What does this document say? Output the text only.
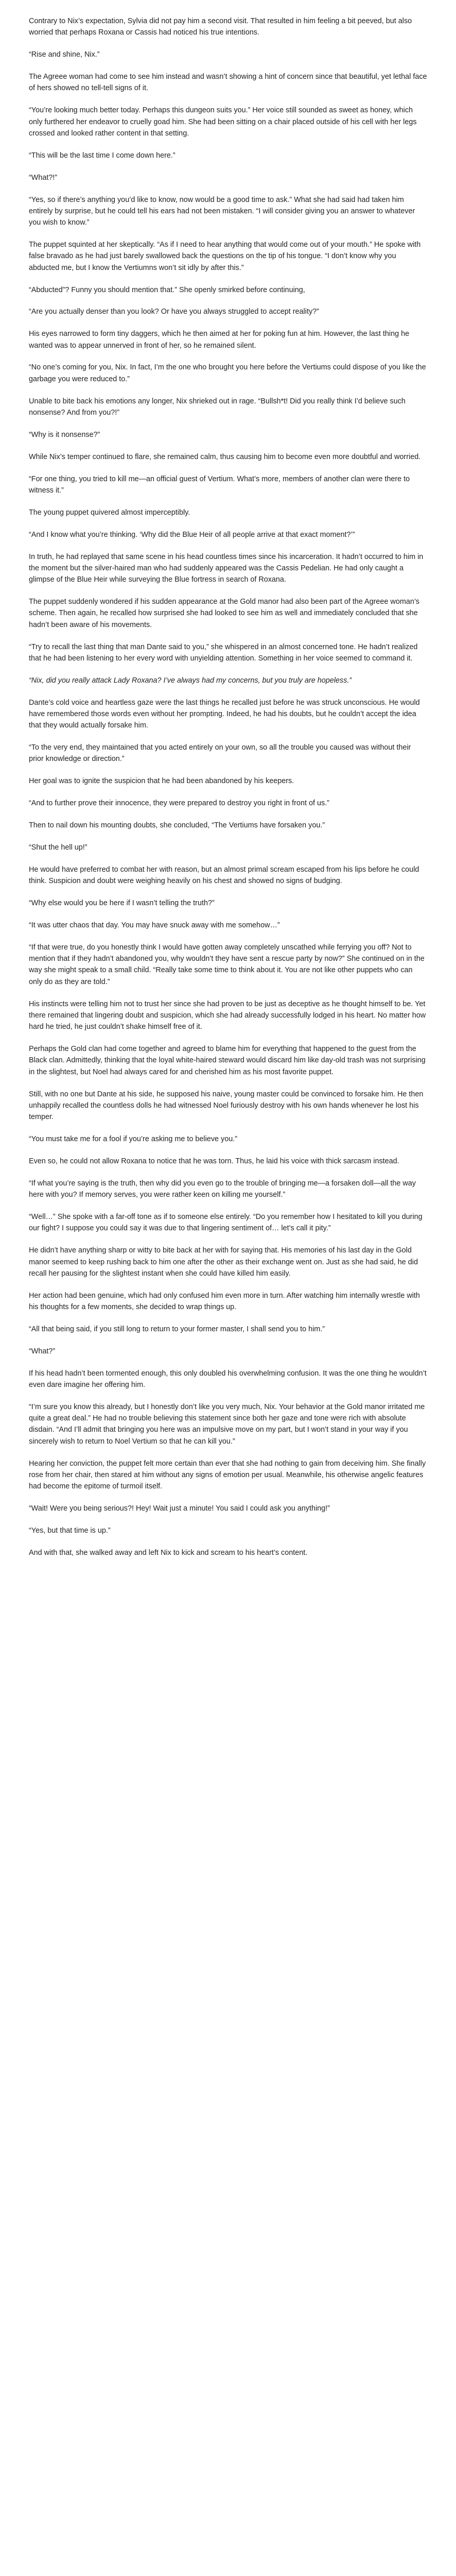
Contrary to Nix’s expectation, Sylvia did not pay him a second visit. That resulted in him feeling a bit peeved, but also worried that perhaps Roxana or Cassis had noticed his true intentions.

“Rise and shine, Nix.”

The Agreee woman had come to see him instead and wasn’t showing a hint of concern since that beautiful, yet lethal face of hers showed no tell-tell signs of it.

“You’re looking much better today. Perhaps this dungeon suits you.” Her voice still sounded as sweet as honey, which only furthered her endeavor to cruelly goad him. She had been sitting on a chair placed outside of his cell with her legs crossed and looked rather content in that setting.

“This will be the last time I come down here.”

“What?!”

“Yes, so if there’s anything you’d like to know, now would be a good time to ask.” What she had said had taken him entirely by surprise, but he could tell his ears had not been mistaken. “I will consider giving you an answer to whatever you wish to know.”

The puppet squinted at her skeptically. “As if I need to hear anything that would come out of your mouth.” He spoke with false bravado as he had just barely swallowed back the questions on the tip of his tongue. “I don’t know why you abducted me, but I know the Vertiumns won’t sit idly by after this.”

“Abducted”? Funny you should mention that.” She openly smirked before continuing,

“Are you actually denser than you look? Or have you always struggled to accept reality?”

His eyes narrowed to form tiny daggers, which he then aimed at her for poking fun at him. However, the last thing he wanted was to appear unnerved in front of her, so he remained silent.

“No one’s coming for you, Nix. In fact, I’m the one who brought you here before the Vertiums could dispose of you like the garbage you were reduced to.”

Unable to bite back his emotions any longer, Nix shrieked out in rage. “Bullsh*t! Did you really think I’d believe such nonsense? And from you?!”

“Why is it nonsense?”

While Nix’s temper continued to flare, she remained calm, thus causing him to become even more doubtful and worried.

“For one thing, you tried to kill me—an official guest of Vertium. What’s more, members of another clan were there to witness it.”

The young puppet quivered almost imperceptibly.

“And I know what you’re thinking. ‘Why did the Blue Heir of all people arrive at that exact moment?’”

In truth, he had replayed that same scene in his head countless times since his incarceration. It hadn’t occurred to him in the moment but the silver-haired man who had suddenly appeared was the Cassis Pedelian. He had only caught a glimpse of the Blue Heir while surveying the Blue fortress in search of Roxana.

The puppet suddenly wondered if his sudden appearance at the Gold manor had also been part of the Agreee woman’s scheme. Then again, he recalled how surprised she had looked to see him as well and immediately concluded that she hadn’t been aware of his movements.

“Try to recall the last thing that man Dante said to you,” she whispered in an almost concerned tone. He hadn’t realized that he had been listening to her every word with unyielding attention. Something in her voice seemed to command it.

“Nix, did you really attack Lady Roxana? I’ve always had my concerns, but you truly are hopeless.”

Dante’s cold voice and heartless gaze were the last things he recalled just before he was struck unconscious. He would have remembered those words even without her prompting. Indeed, he had his doubts, but he couldn’t accept the idea that they would actually forsake him.

“To the very end, they maintained that you acted entirely on your own, so all the trouble you caused was without their prior knowledge or direction.”

Her goal was to ignite the suspicion that he had been abandoned by his keepers.

“And to further prove their innocence, they were prepared to destroy you right in front of us.”

Then to nail down his mounting doubts, she concluded, “The Vertiums have forsaken you.”

“Shut the hell up!”

He would have preferred to combat her with reason, but an almost primal scream escaped from his lips before he could think. Suspicion and doubt were weighing heavily on his chest and showed no signs of budging.

“Why else would you be here if I wasn’t telling the truth?”

“It was utter chaos that day. You may have snuck away with me somehow…”

“If that were true, do you honestly think I would have gotten away completely unscathed while ferrying you off? Not to mention that if they hadn’t abandoned you, why wouldn’t they have sent a rescue party by now?” She continued on in the way she might speak to a small child. “Really take some time to think about it. You are not like other puppets who can only do as they are told.”

His instincts were telling him not to trust her since she had proven to be just as deceptive as he thought himself to be. Yet there remained that lingering doubt and suspicion, which she had already successfully lodged in his heart. No matter how hard he tried, he just couldn’t shake himself free of it.

Perhaps the Gold clan had come together and agreed to blame him for everything that happened to the guest from the Black clan. Admittedly, thinking that the loyal white-haired steward would discard him like day-old trash was not surprising in the slightest, but Noel had always cared for and cherished him as his most favorite puppet.

Still, with no one but Dante at his side, he supposed his naive, young master could be convinced to forsake him. He then unhappily recalled the countless dolls he had witnessed Noel furiously destroy with his own hands whenever he lost his temper.

“You must take me for a fool if you’re asking me to believe you.”

Even so, he could not allow Roxana to notice that he was torn. Thus, he laid his voice with thick sarcasm instead.

“If what you’re saying is the truth, then why did you even go to the trouble of bringing me—a forsaken doll—all the way here with you? If memory serves, you were rather keen on killing me yourself.”

“Well…” She spoke with a far-off tone as if to someone else entirely. “Do you remember how I hesitated to kill you during our fight? I suppose you could say it was due to that lingering sentiment of… let’s call it pity.”

He didn’t have anything sharp or witty to bite back at her with for saying that. His memories of his last day in the Gold manor seemed to keep rushing back to him one after the other as their exchange went on. Just as she had said, he did recall her pausing for the slightest instant when she could have killed him easily.

Her action had been genuine, which had only confused him even more in turn. After watching him internally wrestle with his thoughts for a few moments, she decided to wrap things up.

“All that being said, if you still long to return to your former master, I shall send you to him.”

“What?”

If his head hadn’t been tormented enough, this only doubled his overwhelming confusion. It was the one thing he wouldn’t even dare imagine her offering him.

“I’m sure you know this already, but I honestly don’t like you very much, Nix. Your behavior at the Gold manor irritated me quite a great deal.” He had no trouble believing this statement since both her gaze and tone were rich with absolute disdain. “And I’ll admit that bringing you here was an impulsive move on my part, but I won’t stand in your way if you sincerely wish to return to Noel Vertium so that he can kill you.”

Hearing her conviction, the puppet felt more certain than ever that she had nothing to gain from deceiving him. She finally rose from her chair, then stared at him without any signs of emotion per usual. Meanwhile, his otherwise angelic features had become the epitome of turmoil itself.

“Wait! Were you being serious?! Hey! Wait just a minute! You said I could ask you anything!”

“Yes, but that time is up.”

And with that, she walked away and left Nix to kick and scream to his heart’s content.
